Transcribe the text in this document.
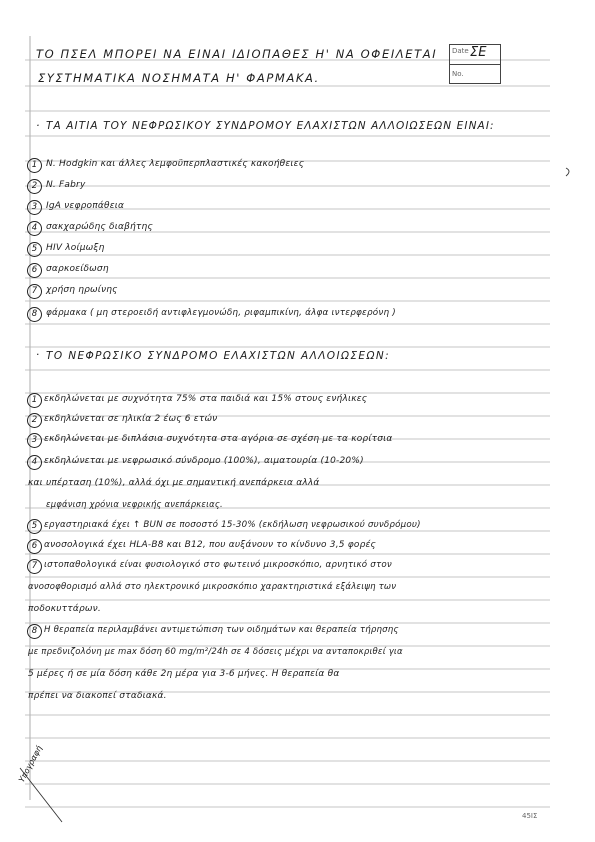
Date ΣΕ
No.
ΤΟ ΠΣΕΛ ΜΠΟΡΕΙ ΝΑ ΕΙΝΑΙ ΙΔΙΟΠΑΘΕΣ Η' ΝΑ ΟΦΕΙΛΕΤΑΙ
ΣΥΣΤΗΜΑΤΙΚΑ ΝΟΣΗΜΑΤΑ Η' ΦΑΡΜΑΚΑ.
· ΤΑ ΑΙΤΙΑ ΤΟΥ ΝΕΦΡΩΣΙΚΟΥ ΣΥΝΔΡΟΜΟΥ ΕΛΑΧΙΣΤΩΝ ΑΛΛΟΙΩΣΕΩΝ ΕΙΝΑΙ:
1 Ν. Hodgkin και άλλες λεμφοϋπερπλαστικές κακοήθειες
2 Ν. Fabry
3 IgA νεφροπάθεια
4 σακχαρώδης διαβήτης
5 HIV λοίμωξη
6 σαρκοείδωση
7 χρήση ηρωίνης
8 φάρμακα ( μη στεροειδή αντιφλεγμονώδη, ριφαμπικίνη, άλφα ιντερφερόνη )
· ΤΟ ΝΕΦΡΩΣΙΚΟ ΣΥΝΔΡΟΜΟ ΕΛΑΧΙΣΤΩΝ ΑΛΛΟΙΩΣΕΩΝ:
1 εκδηλώνεται με συχνότητα 75% στα παιδιά και 15% στους ενήλικες
2 εκδηλώνεται σε ηλικία 2 έως 6 ετών
3 εκδηλώνεται με διπλάσια συχνότητα στα αγόρια σε σχέση με τα κορίτσια
4 εκδηλώνεται με νεφρωσικό σύνδρομο (100%), αιματουρία (10-20%)
και υπέρταση (10%), αλλά όχι με σημαντική ανεπάρκεια αλλά
εμφάνιση χρόνια νεφρικής ανεπάρκειας.
5 εργαστηριακά έχει ↑ BUN σε ποσοστό 15-30% (εκδήλωση νεφρωσικού συνδρόμου)
6 ανοσολογικά έχει HLA-B8 και B12, που αυξάνουν το κίνδυνο 3,5 φορές
7 ιστοπαθολογικά είναι φυσιολογικό στο φωτεινό μικροσκόπιο, αρνητικό στον
ανοσοφθορισμό αλλά στο ηλεκτρονικό μικροσκόπιο χαρακτηριστικά εξάλειψη των
ποδοκυττάρων.
8 Η θεραπεία περιλαμβάνει αντιμετώπιση των οιδημάτων και θεραπεία τήρησης
με πρεδνιζολόνη με max δόση 60 mg/m²/24h σε 4 δόσεις μέχρι να ανταποκριθεί για
5 μέρες ή σε μία δόση κάθε 2η μέρα για 3-6 μήνες. Η θεραπεία θα
πρέπει να διακοπεί σταδιακά.
Υπογραφή
45ΙΣ
